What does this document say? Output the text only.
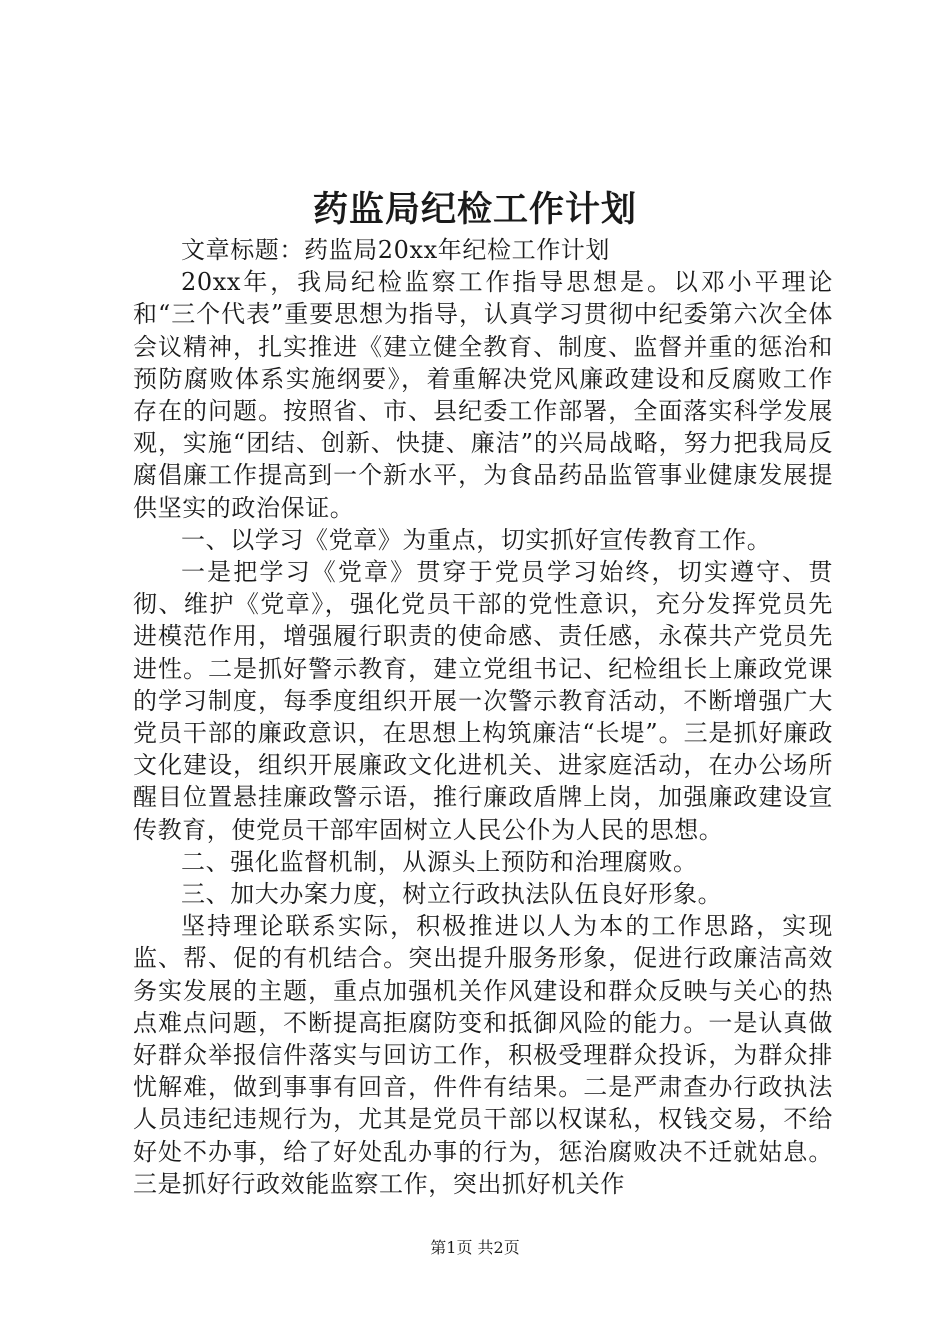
药监局纪检工作计划

文章标题：药监局20xx年纪检工作计划

20xx年，我局纪检监察工作指导思想是。以邓小平理论和“三个代表”重要思想为指导，认真学习贯彻中纪委第六次全体会议精神，扎实推进《建立健全教育、制度、监督并重的惩治和预防腐败体系实施纲要》，着重解决党风廉政建设和反腐败工作存在的问题。按照省、市、县纪委工作部署，全面落实科学发展观，实施“团结、创新、快捷、廉洁”的兴局战略，努力把我局反腐倡廉工作提高到一个新水平，为食品药品监管事业健康发展提供坚实的政治保证。

一、以学习《党章》为重点，切实抓好宣传教育工作。

一是把学习《党章》贯穿于党员学习始终，切实遵守、贯彻、维护《党章》，强化党员干部的党性意识，充分发挥党员先进模范作用，增强履行职责的使命感、责任感，永葆共产党员先进性。二是抓好警示教育，建立党组书记、纪检组长上廉政党课的学习制度，每季度组织开展一次警示教育活动，不断增强广大党员干部的廉政意识，在思想上构筑廉洁“长堤”。三是抓好廉政文化建设，组织开展廉政文化进机关、进家庭活动，在办公场所醒目位置悬挂廉政警示语，推行廉政盾牌上岗，加强廉政建设宣传教育，使党员干部牢固树立人民公仆为人民的思想。

二、强化监督机制，从源头上预防和治理腐败。

三、加大办案力度，树立行政执法队伍良好形象。

坚持理论联系实际，积极推进以人为本的工作思路，实现监、帮、促的有机结合。突出提升服务形象，促进行政廉洁高效务实发展的主题，重点加强机关作风建设和群众反映与关心的热点难点问题，不断提高拒腐防变和抵御风险的能力。一是认真做好群众举报信件落实与回访工作，积极受理群众投诉，为群众排忧解难，做到事事有回音，件件有结果。二是严肃查办行政执法人员违纪违规行为，尤其是党员干部以权谋私，权钱交易，不给好处不办事，给了好处乱办事的行为，惩治腐败决不迁就姑息。三是抓好行政效能监察工作，突出抓好机关作

第1页 共2页
